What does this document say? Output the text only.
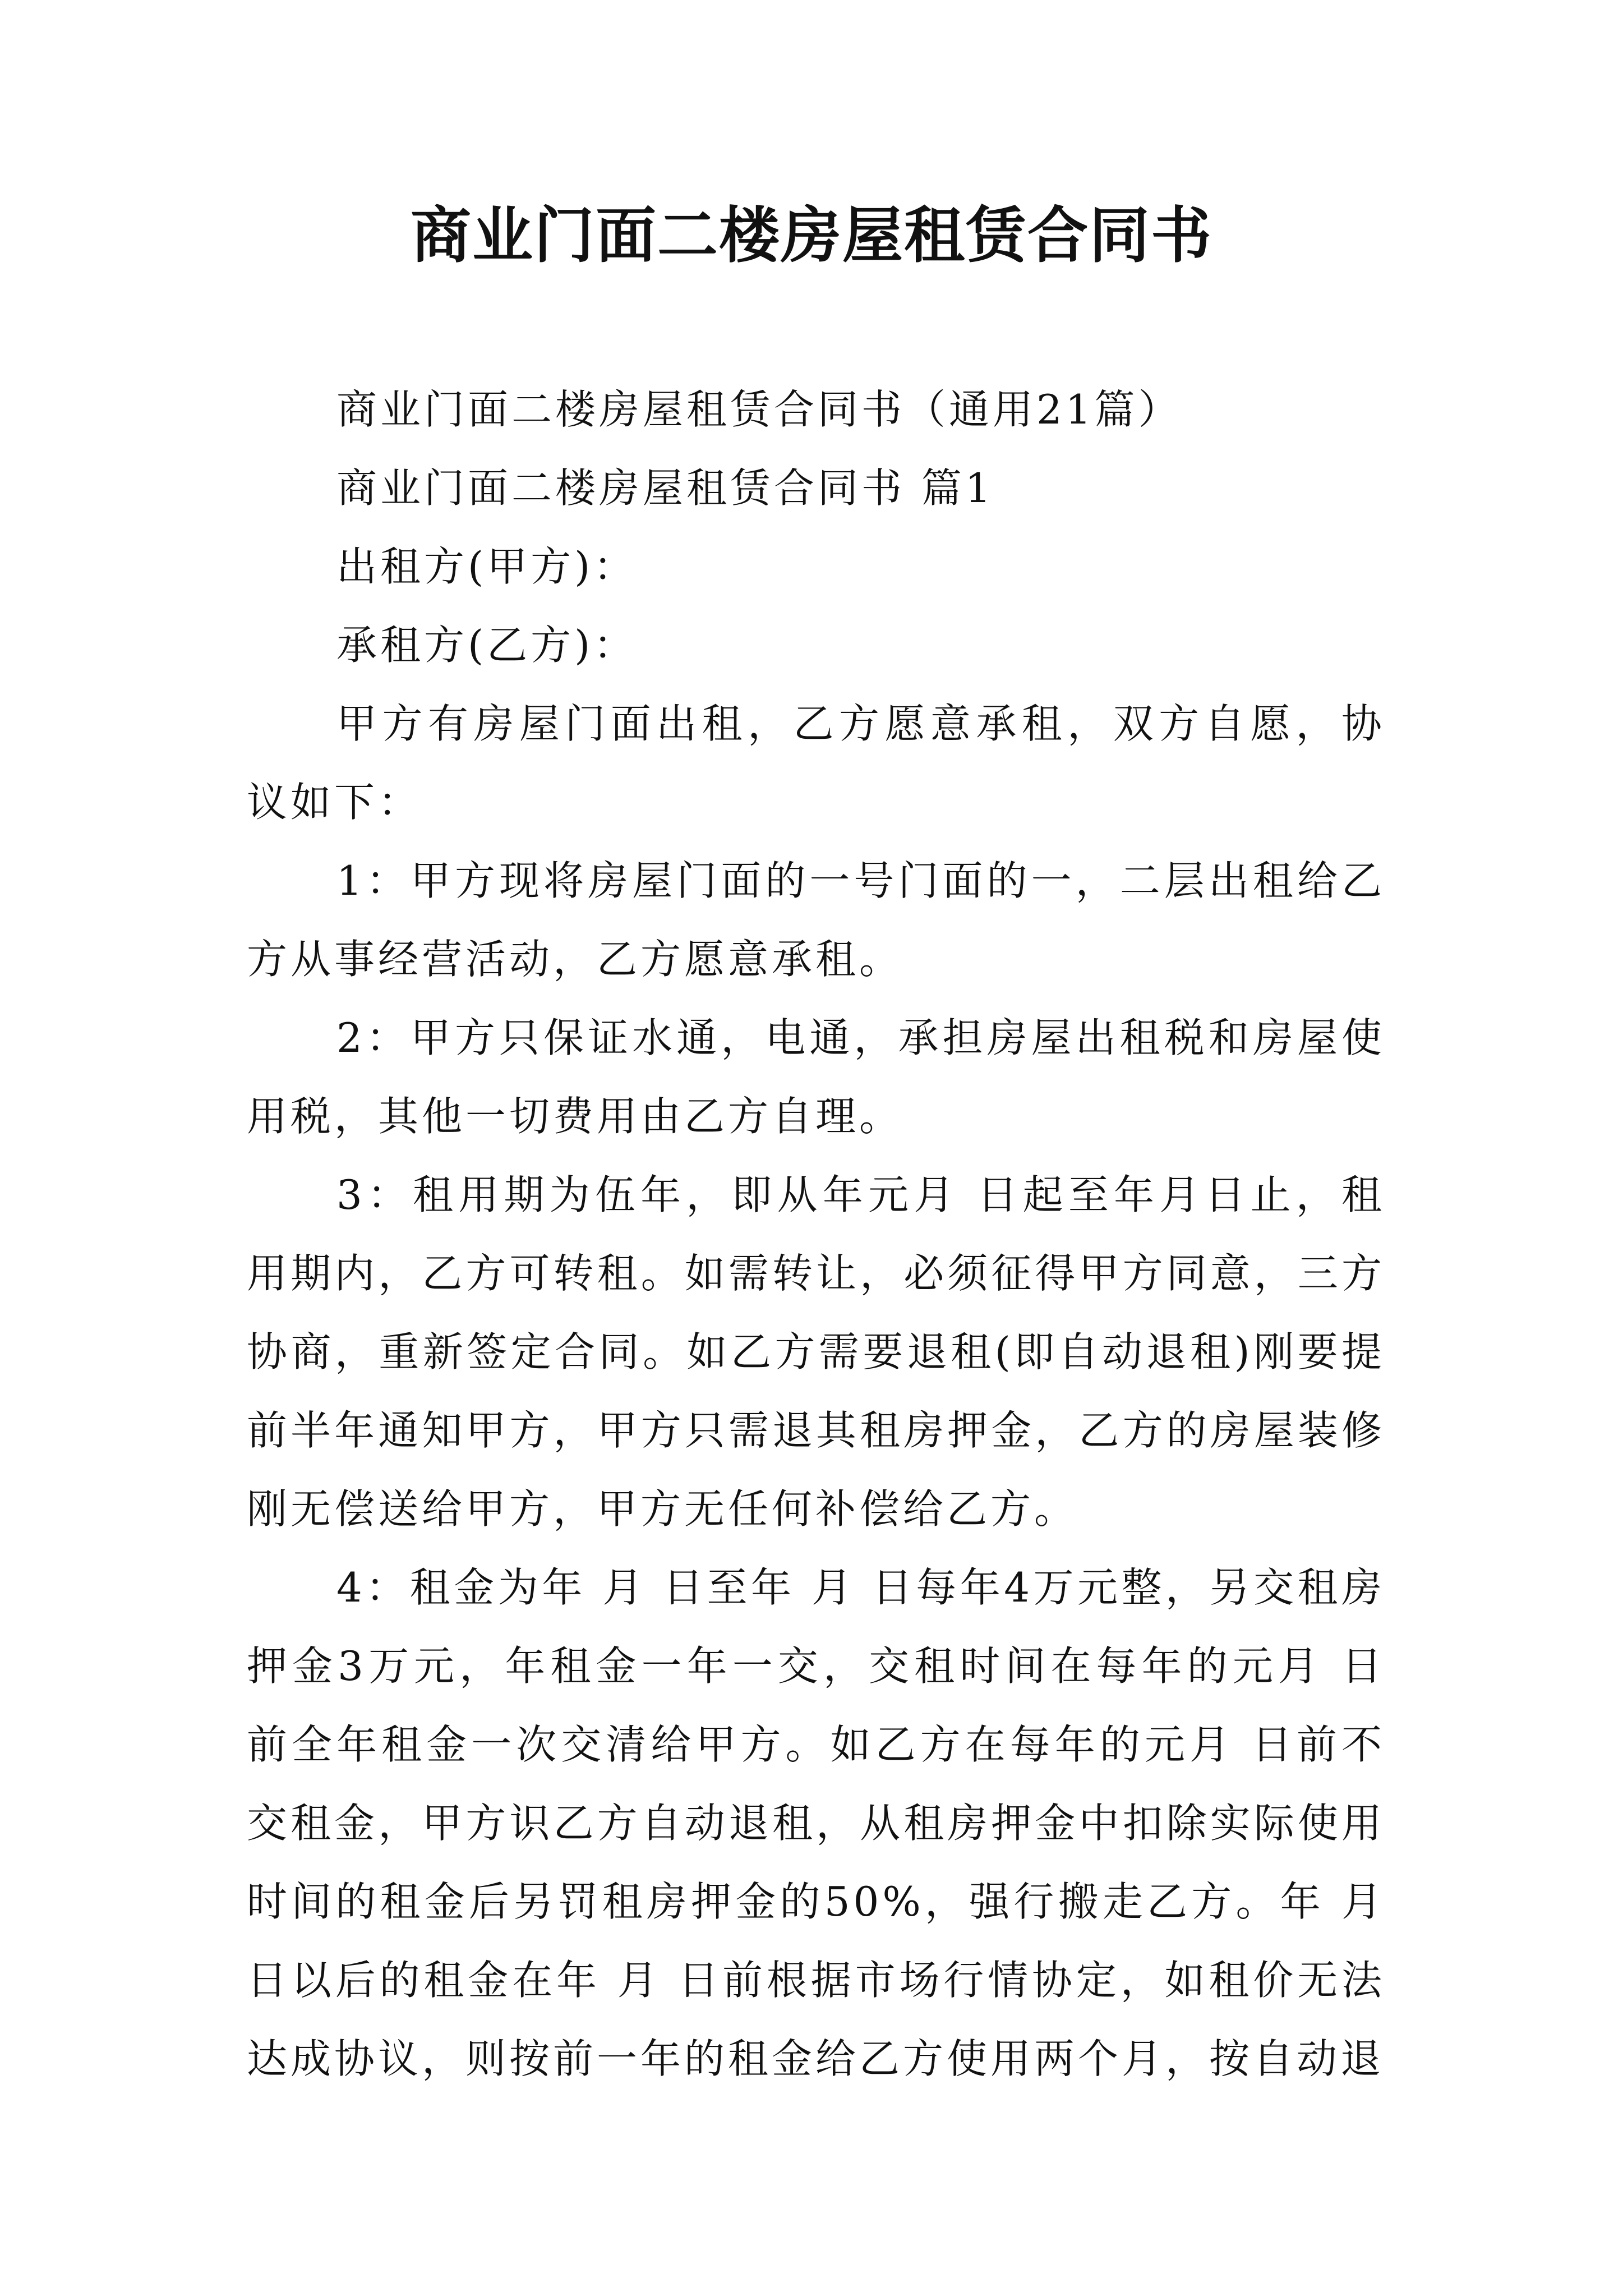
商业门面二楼房屋租赁合同书

商业门面二楼房屋租赁合同书（通用21篇）

商业门面二楼房屋租赁合同书 篇1

出租方(甲方)：

承租方(乙方)：

甲方有房屋门面出租，乙方愿意承租，双方自愿，协议如下：

1：甲方现将房屋门面的一号门面的一，二层出租给乙方从事经营活动，乙方愿意承租。

2：甲方只保证水通，电通，承担房屋出租税和房屋使用税，其他一切费用由乙方自理。

3：租用期为伍年，即从年元月 日起至年月日止，租用期内，乙方可转租。如需转让，必须征得甲方同意，三方协商，重新签定合同。如乙方需要退租(即自动退租)刚要提前半年通知甲方，甲方只需退其租房押金，乙方的房屋装修刚无偿送给甲方，甲方无任何补偿给乙方。

4：租金为年 月 日至年 月 日每年4万元整，另交租房押金3万元，年租金一年一交，交租时间在每年的元月 日前全年租金一次交清给甲方。如乙方在每年的元月 日前不交租金，甲方识乙方自动退租，从租房押金中扣除实际使用时间的租金后另罚租房押金的50%，强行搬走乙方。年 月 日以后的租金在年 月 日前根据市场行情协定，如租价无法达成协议，则按前一年的租金给乙方使用两个月，按自动退
